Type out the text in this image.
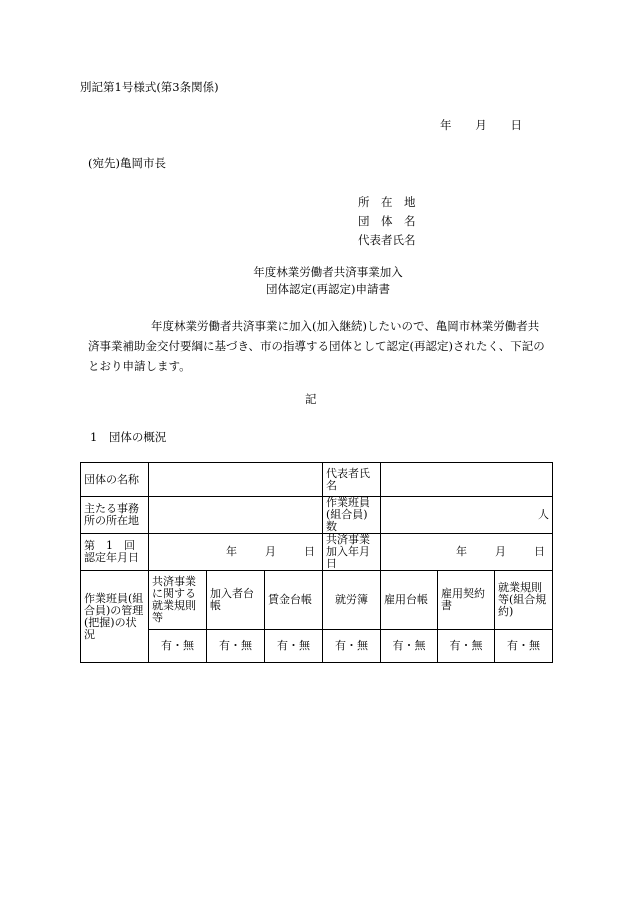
別記第1号様式(第3条関係)
年 月 日
(宛先)亀岡市長
所　在　地
団　体　名
代表者氏名
年度林業労働者共済事業加入
団体認定(再認定)申請書
年度林業労働者共済事業に加入(加入継続)したいので、亀岡市林業労働者共済事業補助金交付要綱に基づき、市の指導する団体として認定(再認定)されたく、下記のとおり申請します。
記
1　団体の概況
団体の名称				代表者氏名			
主たる事務所の所在地				作業班員(組合員)数	人		
第　1　回認定年月日	年 月 日			共済事業加入年月日	年 月 日		

作業班員(組合員)の管理(把握)の状況	共済事業に関する就業規則等	加入者台帳	賃金台帳	就労簿	雇用台帳	雇用契約書	就業規則等(組合規約)
	有・無	有・無	有・無	有・無	有・無	有・無	有・無
